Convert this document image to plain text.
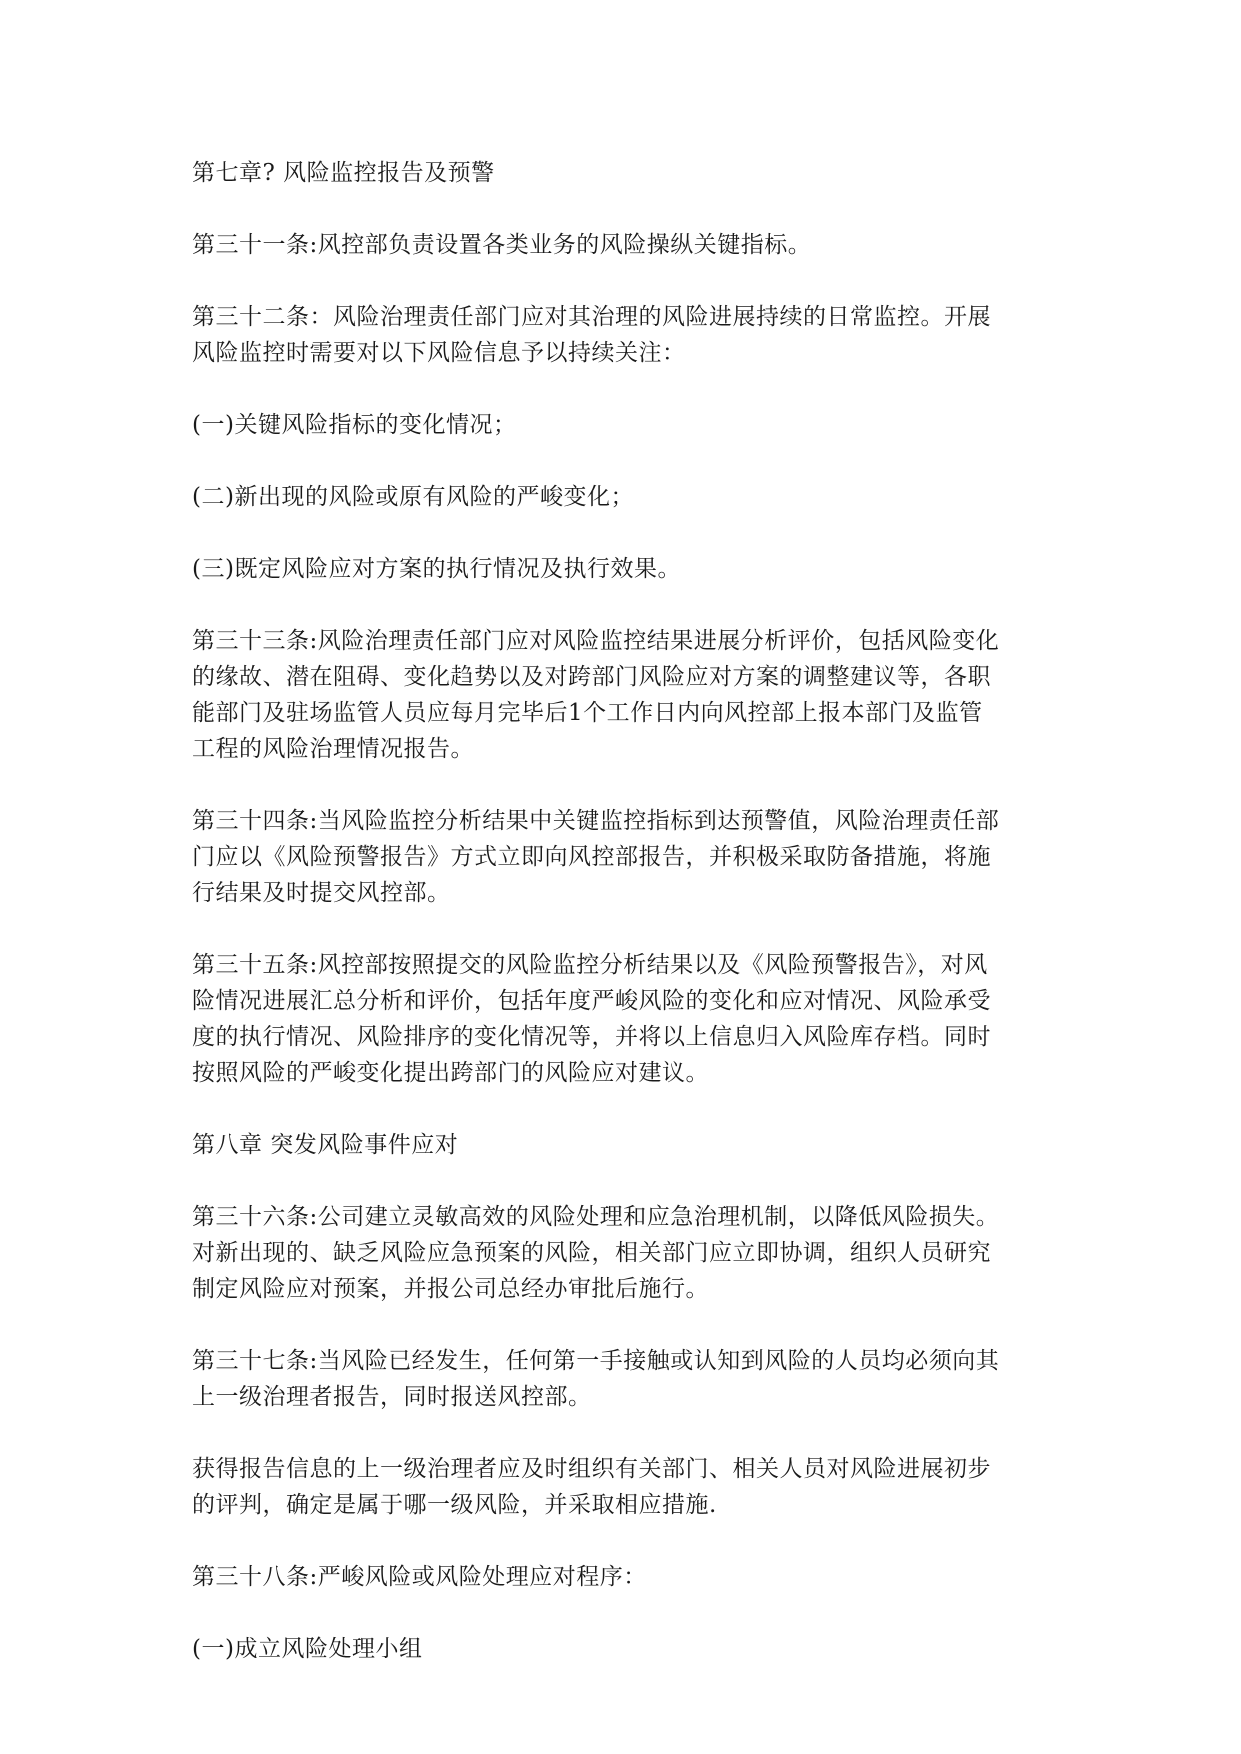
第七章? 风险监控报告及预警

第三十一条:风控部负责设置各类业务的风险操纵关键指标。

第三十二条：风险治理责任部门应对其治理的风险进展持续的日常监控。开展
风险监控时需要对以下风险信息予以持续关注：

(一)关键风险指标的变化情况；

(二)新出现的风险或原有风险的严峻变化；

(三)既定风险应对方案的执行情况及执行效果。

第三十三条:风险治理责任部门应对风险监控结果进展分析评价，包括风险变化
的缘故、潜在阻碍、变化趋势以及对跨部门风险应对方案的调整建议等，各职
能部门及驻场监管人员应每月完毕后1个工作日内向风控部上报本部门及监管
工程的风险治理情况报告。

第三十四条:当风险监控分析结果中关键监控指标到达预警值，风险治理责任部
门应以《风险预警报告》方式立即向风控部报告，并积极采取防备措施，将施
行结果及时提交风控部。

第三十五条:风控部按照提交的风险监控分析结果以及《风险预警报告》，对风
险情况进展汇总分析和评价，包括年度严峻风险的变化和应对情况、风险承受
度的执行情况、风险排序的变化情况等，并将以上信息归入风险库存档。同时
按照风险的严峻变化提出跨部门的风险应对建议。

第八章 突发风险事件应对

第三十六条:公司建立灵敏高效的风险处理和应急治理机制，以降低风险损失。
对新出现的、缺乏风险应急预案的风险，相关部门应立即协调，组织人员研究
制定风险应对预案，并报公司总经办审批后施行。

第三十七条:当风险已经发生，任何第一手接触或认知到风险的人员均必须向其
上一级治理者报告，同时报送风控部。

获得报告信息的上一级治理者应及时组织有关部门、相关人员对风险进展初步
的评判，确定是属于哪一级风险，并采取相应措施.

第三十八条:严峻风险或风险处理应对程序：

(一)成立风险处理小组
